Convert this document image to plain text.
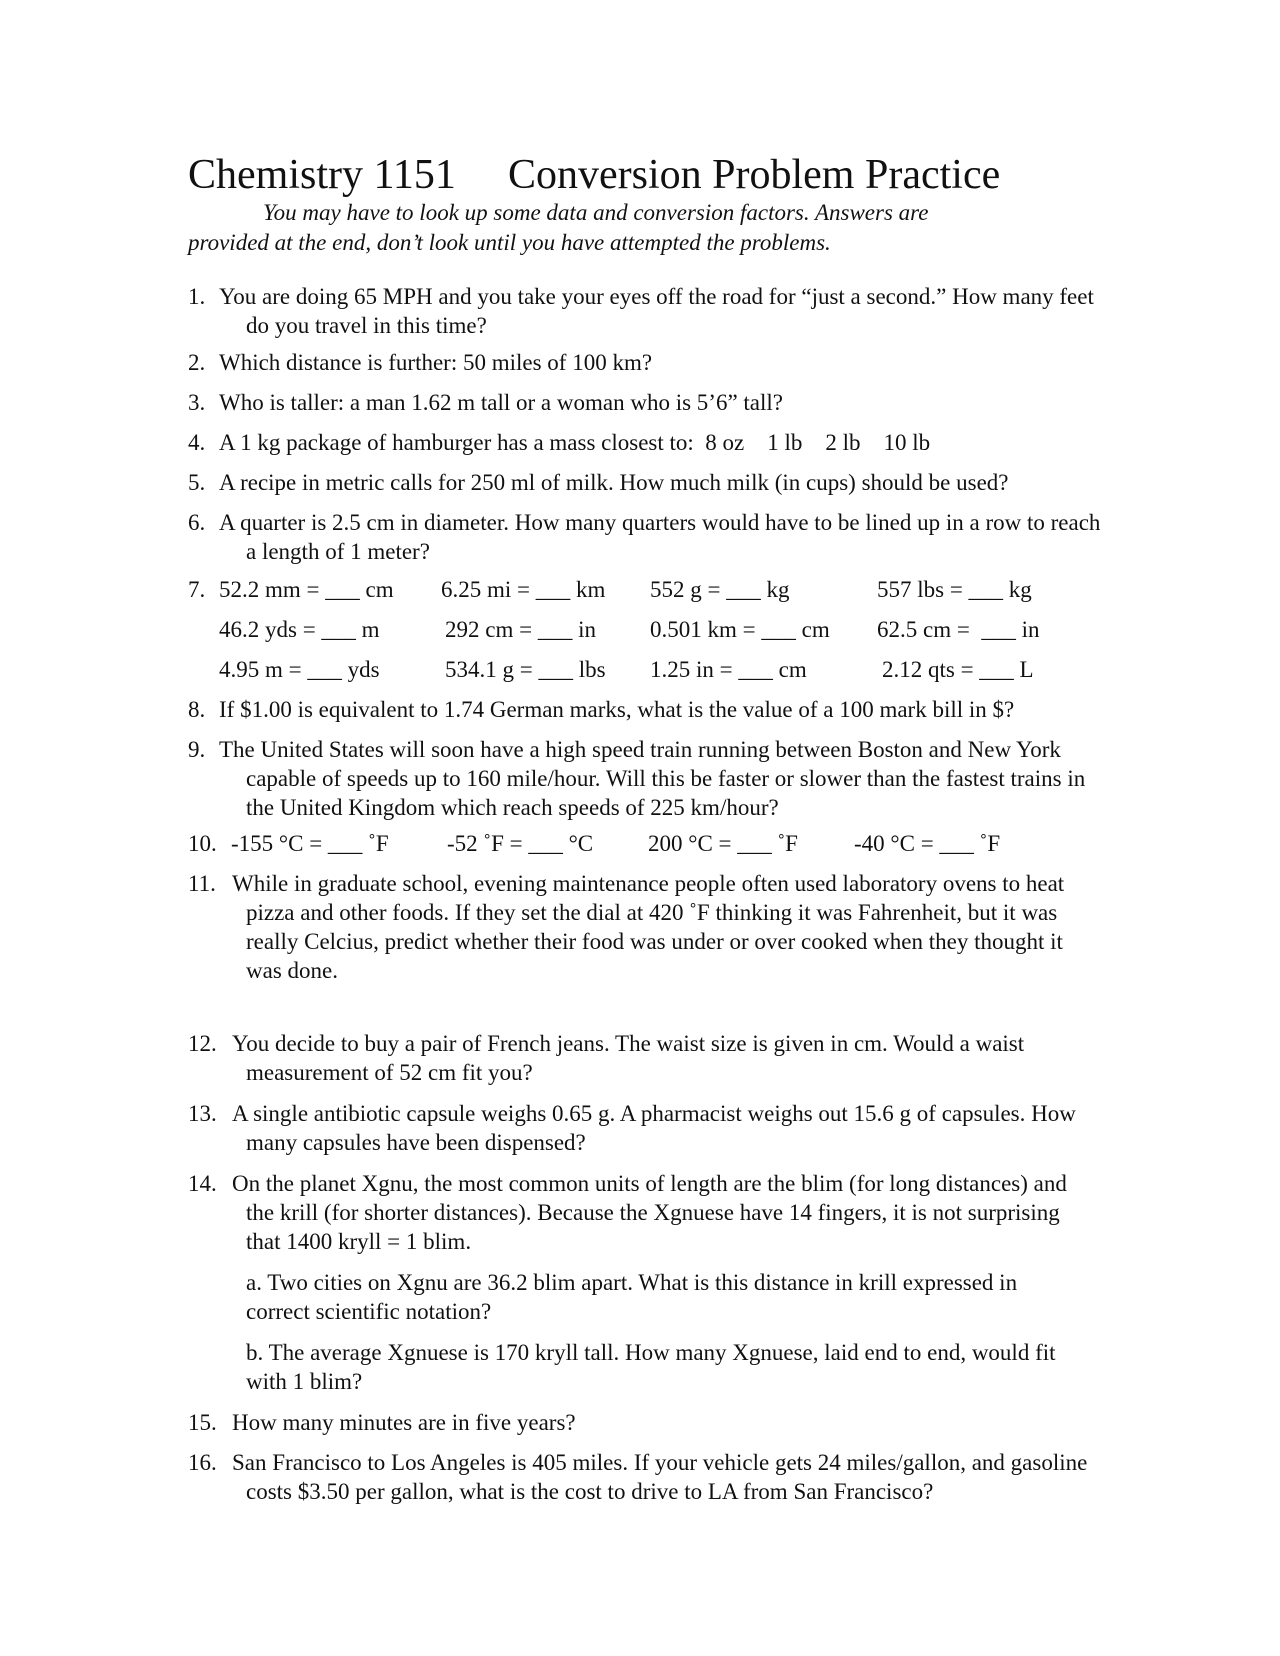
Chemistry 1151 Conversion Problem Practice
You may have to look up some data and conversion factors. Answers are
provided at the end, don’t look until you have attempted the problems.
1. You are doing 65 MPH and you take your eyes off the road for “just a second.” How many feet do you travel in this time?
2. Which distance is further: 50 miles of 100 km?
3. Who is taller: a man 1.62 m tall or a woman who is 5’6” tall?
4. A 1 kg package of hamburger has a mass closest to:  8 oz    1 lb    2 lb    10 lb
5. A recipe in metric calls for 250 ml of milk. How much milk (in cups) should be used?
6. A quarter is 2.5 cm in diameter. How many quarters would have to be lined up in a row to reach a length of 1 meter?
7. 52.2 mm = ___ cm 6.25 mi = ___ km 552 g = ___ kg	557 lbs = ___ kg
46.2 yds = ___ m	292 cm = ___ in 0.501 km = ___ cm 62.5 cm =  ___ in
4.95 m = ___ yds	534.1 g = ___ lbs 1.25 in = ___ cm	2.12 qts = ___ L
8. If $1.00 is equivalent to 1.74 German marks, what is the value of a 100 mark bill in $?
9. The United States will soon have a high speed train running between Boston and New York capable of speeds up to 160 mile/hour. Will this be faster or slower than the fastest trains in the United Kingdom which reach speeds of 225 km/hour?
10. -155 °C = ___ ˚F	-52 ˚F = ___ °C 200 °C = ___ ˚F -40 °C = ___ ˚F
11. While in graduate school, evening maintenance people often used laboratory ovens to heat pizza and other foods. If they set the dial at 420 ˚F thinking it was Fahrenheit, but it was really Celcius, predict whether their food was under or over cooked when they thought it was done.
12. You decide to buy a pair of French jeans. The waist size is given in cm. Would a waist measurement of 52 cm fit you?
13. A single antibiotic capsule weighs 0.65 g. A pharmacist weighs out 15.6 g of capsules. How many capsules have been dispensed?
14. On the planet Xgnu, the most common units of length are the blim (for long distances) and the krill (for shorter distances). Because the Xgnuese have 14 fingers, it is not surprising that 1400 kryll = 1 blim.
a. Two cities on Xgnu are 36.2 blim apart. What is this distance in krill expressed in correct scientific notation?
b. The average Xgnuese is 170 kryll tall. How many Xgnuese, laid end to end, would fit with 1 blim?
15. How many minutes are in five years?
16. San Francisco to Los Angeles is 405 miles. If your vehicle gets 24 miles/gallon, and gasoline costs $3.50 per gallon, what is the cost to drive to LA from San Francisco?
